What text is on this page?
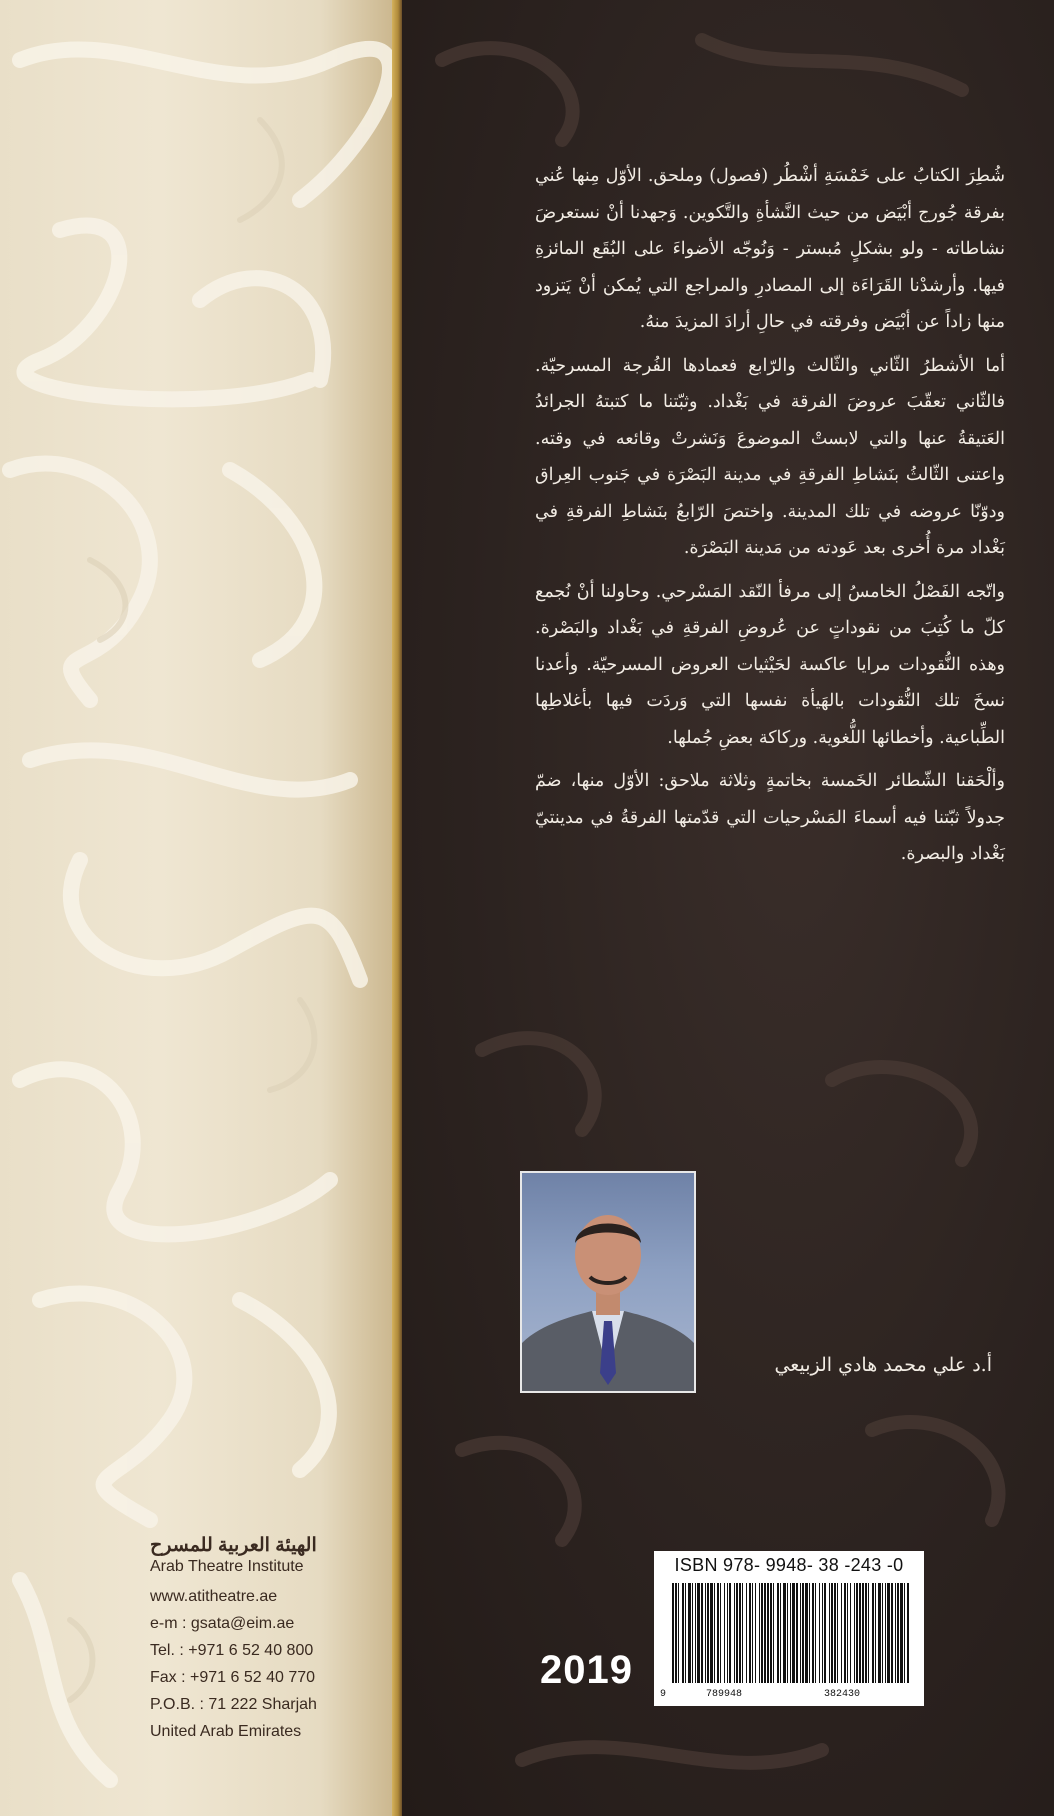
شُطِرَ الكتابُ على خَمْسَةِ أشْطُر (فصول) وملحق. الأوّل مِنها عُني بفرقة جُورج أبْيَض من حيث النَّشأةِ والتَّكوين. وَجهدنا أنْ نستعرضَ نشاطاته - ولو بشكلٍ مُبستر - وَنُوجّه الأضواءَ على البُقَع المائزةِ فيها. وأرشدْنا القَرَاءَة إلى المصادرِ والمراجع التي يُمكن أنْ يَتزود منها زاداً عن أبْيَض وفرقته في حالِ أرادَ المزيدَ منهُ.

أما الأشطرُ الثّاني والثّالث والرّابع فعمادها الفُرجة المسرحيّة. فالثّاني تعقّبَ عروضَ الفرقة في بَغْداد. وثبّتنا ما كتبتهُ الجرائدُ العَتيقةُ عنها والتي لابستْ الموضوعَ وَنَشرتْ وقائعه في وقته. واعتنى الثّالثُ بنَشاطِ الفرقةِ في مدينة البَصْرَة في جَنوب العِراق ودوّنّا عروضه في تلك المدينة. واختصَ الرّابعُ بنَشاطِ الفرقةِ في بَغْداد مرة أُخرى بعد عَودته من مَدينة البَصْرَة.

واتّجه الفَصْلُ الخامسُ إلى مرفأ النّقد المَسْرحي. وحاولنا أنْ نُجمع كلّ ما كُتِبَ من نقوداتٍ عن عُروضِ الفرقةِ في بَغْداد والبَصْرة. وهذه النُّقودات مرايا عاكسة لحَيْثيات العروض المسرحيّة. وأعدنا نسخَ تلك النُّقودات بالهَيأة نفسها التي وَردَت فيها بأغلاطِها الطِّباعية. وأخطائها اللُّغوية. وركاكة بعضِ جُملها.

وألْحَقنا الشّطائر الخَمسة بخاتمةٍ وثلاثة ملاحق: الأوّل منها، ضمّ جدولاً ثبّتنا فيه أسماءَ المَسْرحيات التي قدّمتها الفرقةُ في مدينتيّ بَغْداد والبصرة.

أ.د علي محمد هادي الزبيعي

الهيئة العربية للمسرح

Arab Theatre Institute

www.atitheatre.ae

e-m : gsata@eim.ae

Tel. : +971 6 52 40 800

Fax : +971 6 52 40 770

P.O.B. : 71 222 Sharjah

United Arab Emirates

ISBN 978- 9948- 38 -243 -0
9	789948	382430
2019
